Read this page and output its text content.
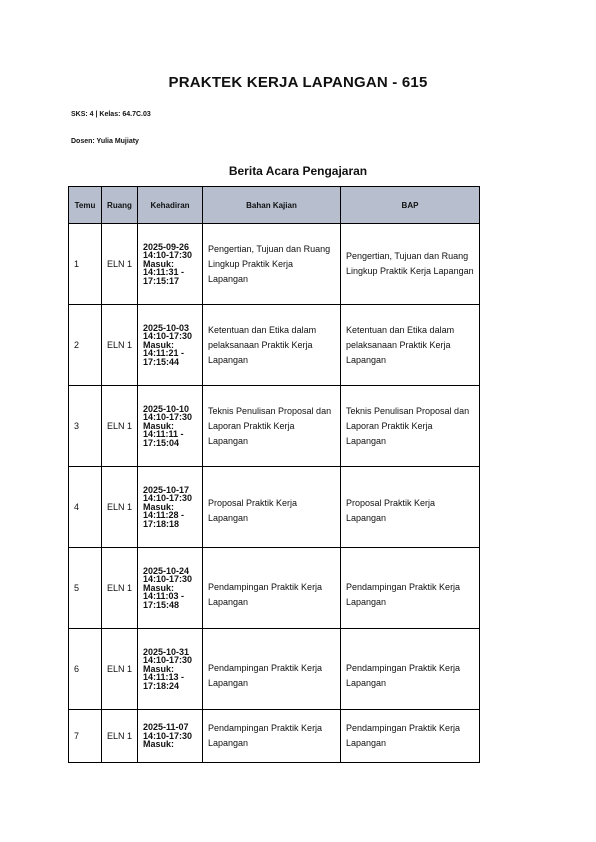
PRAKTEK KERJA LAPANGAN - 615
SKS: 4 | Kelas: 64.7C.03
Dosen: Yulia Mujiaty
Berita Acara Pengajaran
Temu	Ruang	Kehadiran	Bahan Kajian	BAP
1	ELN 1	2025-09-26
14:10-17:30
Masuk:
14:11:31 -
17:15:17	Pengertian, Tujuan dan Ruang Lingkup Praktik Kerja Lapangan	Pengertian, Tujuan dan Ruang Lingkup Praktik Kerja Lapangan
2	ELN 1	2025-10-03
14:10-17:30
Masuk:
14:11:21 -
17:15:44	Ketentuan dan Etika dalam pelaksanaan Praktik Kerja Lapangan	Ketentuan dan Etika dalam pelaksanaan Praktik Kerja Lapangan
3	ELN 1	2025-10-10
14:10-17:30
Masuk:
14:11:11 -
17:15:04	Teknis Penulisan Proposal dan Laporan Praktik Kerja Lapangan	Teknis Penulisan Proposal dan Laporan Praktik Kerja Lapangan
4	ELN 1	2025-10-17
14:10-17:30
Masuk:
14:11:28 -
17:18:18	Proposal Praktik Kerja Lapangan	Proposal Praktik Kerja Lapangan
5	ELN 1	2025-10-24
14:10-17:30
Masuk:
14:11:03 -
17:15:48	Pendampingan Praktik Kerja Lapangan	Pendampingan Praktik Kerja Lapangan
6	ELN 1	2025-10-31
14:10-17:30
Masuk:
14:11:13 -
17:18:24	Pendampingan Praktik Kerja Lapangan	Pendampingan Praktik Kerja Lapangan
7	ELN 1	2025-11-07
14:10-17:30
Masuk:	Pendampingan Praktik Kerja Lapangan	Pendampingan Praktik Kerja Lapangan
